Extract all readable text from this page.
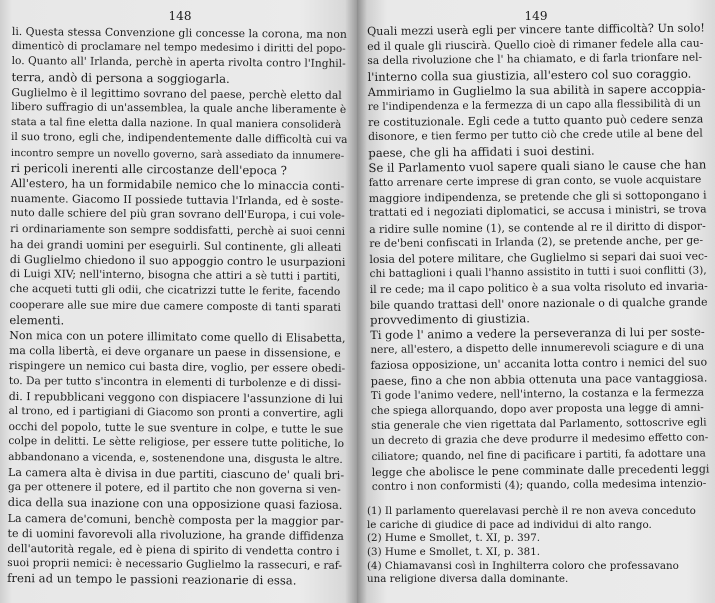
148
li. Questa stessa Convenzione gli concesse la corona, ma non
dimenticò di proclamare nel tempo medesimo i diritti del popo-
lo. Quanto all' Irlanda, perchè in aperta rivolta contro l'Inghil-
terra, andò di persona a soggiogarla.
Guglielmo è il legittimo sovrano del paese, perchè eletto dal
libero suffragio di un'assemblea, la quale anche liberamente è
stata a tal fine eletta dalla nazione. In qual maniera consoliderà
il suo trono, egli che, indipendentemente dalle difficoltà cui va
incontro sempre un novello governo, sarà assediato da innumere-
ri pericoli inerenti alle circostanze dell'epoca ?
All'estero, ha un formidabile nemico che lo minaccia conti-
nuamente. Giacomo II possiede tuttavia l'Irlanda, ed è soste-
nuto dalle schiere del più gran sovrano dell'Europa, i cui vole-
ri ordinariamente son sempre soddisfatti, perchè ai suoi cenni
ha dei grandi uomini per eseguirli. Sul continente, gli alleati
di Guglielmo chiedono il suo appoggio contro le usurpazioni
di Luigi XIV; nell'interno, bisogna che attiri a sè tutti i partiti,
che acqueti tutti gli odii, che cicatrizzi tutte le ferite, facendo
cooperare alle sue mire due camere composte di tanti sparati
elementi.
Non mica con un potere illimitato come quello di Elisabetta,
ma colla libertà, ei deve organare un paese in dissensione, e
rispingere un nemico cui basta dire, voglio, per essere obedi-
to. Da per tutto s'incontra in elementi di turbolenze e di dissi-
di. I repubblicani veggono con dispiacere l'assunzione di lui
al trono, ed i partigiani di Giacomo son pronti a convertire, agli
occhi del popolo, tutte le sue sventure in colpe, e tutte le sue
colpe in delitti. Le sètte religiose, per essere tutte politiche, lo
abbandonano a vicenda, e, sostenendone una, disgusta le altre.
La camera alta è divisa in due partiti, ciascuno de' quali bri-
ga per ottenere il potere, ed il partito che non governa si ven-
dica della sua inazione con una opposizione quasi faziosa.
La camera de'comuni, benchè composta per la maggior par-
te di uomini favorevoli alla rivoluzione, ha grande diffidenza
dell'autorità regale, ed è piena di spirito di vendetta contro i
suoi proprii nemici: è necessario Guglielmo la rassecuri, e raf-
freni ad un tempo le passioni reazionarie di essa.
149
Quali mezzi userà egli per vincere tante difficoltà? Un solo!
ed il quale gli riuscirà. Quello cioè di rimaner fedele alla cau-
sa della rivoluzione che l' ha chiamato, e di farla trionfare nel-
l'interno colla sua giustizia, all'estero col suo coraggio.
Ammiriamo in Guglielmo la sua abilità in sapere accoppia-
re l'indipendenza e la fermezza di un capo alla flessibilità di un
re costituzionale. Egli cede a tutto quanto può cedere senza
disonore, e tien fermo per tutto ciò che crede utile al bene del
paese, che gli ha affidati i suoi destini.
Se il Parlamento vuol sapere quali siano le cause che han
fatto arrenare certe imprese di gran conto, se vuole acquistare
maggiore indipendenza, se pretende che gli si sottopongano i
trattati ed i negoziati diplomatici, se accusa i ministri, se trova
a ridire sulle nomine (1), se contende al re il diritto di dispor-
re de'beni confiscati in Irlanda (2), se pretende anche, per ge-
losia del potere militare, che Guglielmo si separi dai suoi vec-
chi battaglioni i quali l'hanno assistito in tutti i suoi conflitti (3),
il re cede; ma il capo politico è a sua volta risoluto ed invaria-
bile quando trattasi dell' onore nazionale o di qualche grande
provvedimento di giustizia.
Ti gode l' animo a vedere la perseveranza di lui per soste-
nere, all'estero, a dispetto delle innumerevoli sciagure e di una
faziosa opposizione, un' accanita lotta contro i nemici del suo
paese, fino a che non abbia ottenuta una pace vantaggiosa.
Ti gode l'animo vedere, nell'interno, la costanza e la fermezza
che spiega allorquando, dopo aver proposta una legge di amni-
stia generale che vien rigettata dal Parlamento, sottoscrive egli
un decreto di grazia che deve produrre il medesimo effetto con-
ciliatore; quando, nel fine di pacificare i partiti, fa adottare una
legge che abolisce le pene comminate dalle precedenti leggi
contro i non conformisti (4); quando, colla medesima intenzio-
(1) Il parlamento querelavasi perchè il re non aveva conceduto
le cariche di giudice di pace ad individui di alto rango.
(2) Hume e Smollet, t. XI, p. 397.
(3) Hume e Smollet, t. XI, p. 381.
(4) Chiamavansi così in Inghilterra coloro che professavano
una religione diversa dalla dominante.
